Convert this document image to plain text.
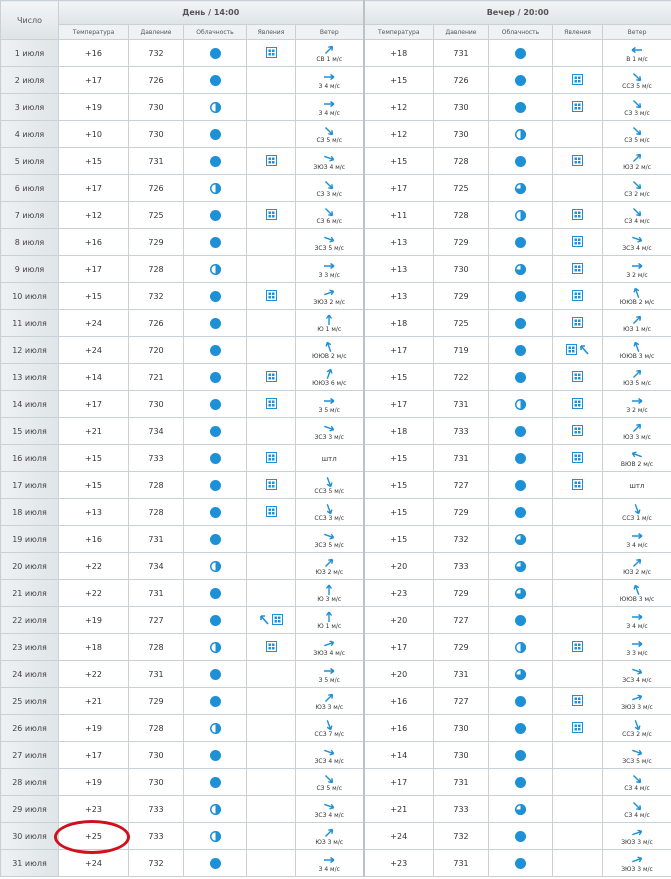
Число	День / 14:00					Вечер / 20:00				
	Температура	Давление	Облачность	Явления	Ветер	Температура	Давление	Облачность	Явления	Ветер
1 июля	+16	732			СВ 1 м/с	+18	731			В 1 м/с

2 июля	+17	726			З 4 м/с	+15	726			ССЗ 5 м/с

3 июля	+19	730			З 4 м/с	+12	730			СЗ 3 м/с

4 июля	+10	730			СЗ 5 м/с	+12	730			СЗ 5 м/с

5 июля	+15	731			ЗЮЗ 4 м/с	+15	728			ЮЗ 2 м/с

6 июля	+17	726			СЗ 3 м/с	+17	725			СЗ 2 м/с

7 июля	+12	725			СЗ 6 м/с	+11	728			СЗ 4 м/с

8 июля	+16	729			ЗСЗ 5 м/с	+13	729			ЗСЗ 4 м/с

9 июля	+17	728			З 3 м/с	+13	730			З 2 м/с

10 июля	+15	732			ЗЮЗ 2 м/с	+13	729			ЮЮВ 2 м/с

11 июля	+24	726			Ю 1 м/с	+18	725			ЮЗ 1 м/с

12 июля	+24	720			ЮЮВ 2 м/с	+17	719			ЮЮВ 3 м/с

13 июля	+14	721			ЮЮЗ 6 м/с	+15	722			ЮЗ 5 м/с

14 июля	+17	730			З 5 м/с	+17	731			З 2 м/с

15 июля	+21	734			ЗСЗ 3 м/с	+18	733			ЮЗ 3 м/с

16 июля	+15	733			штл	+15	731			ВЮВ 2 м/с

17 июля	+15	728			ССЗ 5 м/с	+15	727			штл
18 июля	+13	728			ССЗ 3 м/с	+15	729			ССЗ 1 м/с

19 июля	+16	731			ЗСЗ 5 м/с	+15	732			З 4 м/с

20 июля	+22	734			ЮЗ 2 м/с	+20	733			ЮЗ 2 м/с

21 июля	+22	731			Ю 3 м/с	+23	729			ЮЮВ 3 м/с

22 июля	+19	727			Ю 1 м/с	+20	727			З 4 м/с

23 июля	+18	728			ЗЮЗ 4 м/с	+17	729			З 3 м/с

24 июля	+22	731			З 5 м/с	+20	731			ЗСЗ 4 м/с

25 июля	+21	729			ЮЗ 3 м/с	+16	727			ЗЮЗ 3 м/с

26 июля	+19	728			ССЗ 7 м/с	+16	730			ССЗ 2 м/с

27 июля	+17	730			ЗСЗ 4 м/с	+14	730			ЗСЗ 5 м/с

28 июля	+19	730			СЗ 5 м/с	+17	731			СЗ 4 м/с

29 июля	+23	733			ЗСЗ 4 м/с	+21	733			СЗ 4 м/с

30 июля	+25	733			ЮЗ 3 м/с	+24	732			ЗЮЗ 3 м/с

31 июля	+24	732			З 4 м/с	+23	731			ЗЮЗ 3 м/с
